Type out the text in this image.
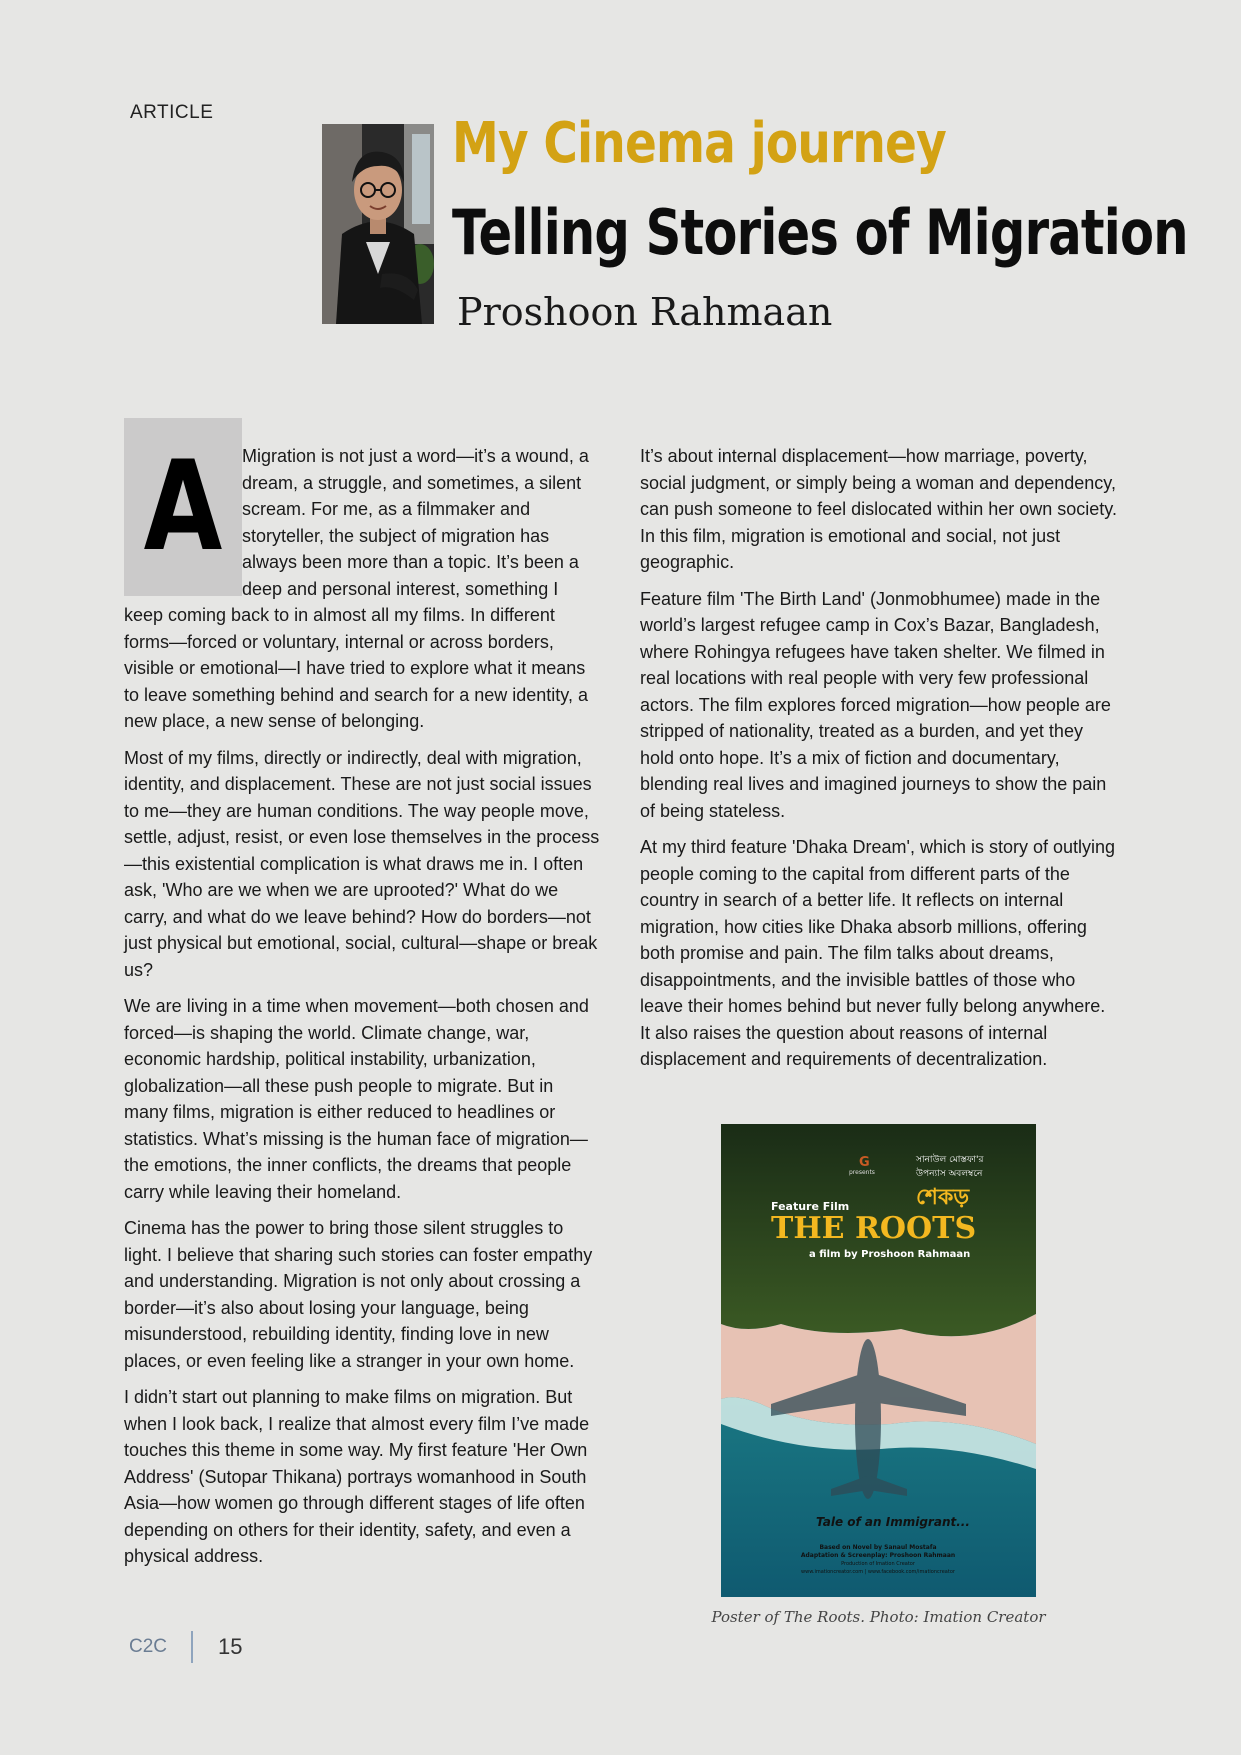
ARTICLE	My Cinema journey
Telling Stories of Migration
Proshoon Rahmaan

A Migration is not just a word—it’s a wound, a dream, a struggle, and sometimes, a silent scream. For me, as a filmmaker and storyteller, the subject of migration has always been more than a topic. It’s been a deep and personal interest, something I keep coming back to in almost all my films. In different forms—forced or voluntary, internal or across borders, visible or emotional—I have tried to explore what it means to leave something behind and search for a new identity, a new place, a new sense of belonging.

Most of my films, directly or indirectly, deal with migration, identity, and displacement. These are not just social issues to me—they are human conditions. The way people move, settle, adjust, resist, or even lose themselves in the process—this existential complication is what draws me in. I often ask, 'Who are we when we are uprooted?' What do we carry, and what do we leave behind? How do borders—not just physical but emotional, social, cultural—shape or break us?

We are living in a time when movement—both chosen and forced—is shaping the world. Climate change, war, economic hardship, political instability, urbanization, globalization—all these push people to migrate. But in many films, migration is either reduced to headlines or statistics. What’s missing is the human face of migration—the emotions, the inner conflicts, the dreams that people carry while leaving their homeland.

Cinema has the power to bring those silent struggles to light. I believe that sharing such stories can foster empathy and understanding. Migration is not only about crossing a border—it’s also about losing your language, being misunderstood, rebuilding identity, finding love in new places, or even feeling like a stranger in your own home.

I didn’t start out planning to make films on migration. But when I look back, I realize that almost every film I’ve made touches this theme in some way. My first feature 'Her Own Address' (Sutopar Thikana) portrays womanhood in South Asia—how women go through different stages of life often depending on others for their identity, safety, and even a physical address.

It’s about internal displacement—how marriage, poverty, social judgment, or simply being a woman and dependency, can push someone to feel dislocated within her own society. In this film, migration is emotional and social, not just geographic.

Feature film 'The Birth Land' (Jonmobhumee) made in the world’s largest refugee camp in Cox’s Bazar, Bangladesh, where Rohingya refugees have taken shelter. We filmed in real locations with real people with very few professional actors. The film explores forced migration—how people are stripped of nationality, treated as a burden, and yet they hold onto hope. It’s a mix of fiction and documentary, blending real lives and imagined journeys to show the pain of being stateless.

At my third feature 'Dhaka Dream', which is story of outlying people coming to the capital from different parts of the country in search of a better life. It reflects on internal migration, how cities like Dhaka absorb millions, offering both promise and pain. The film talks about dreams, disappointments, and the invisible battles of those who leave their homes behind but never fully belong anywhere. It also raises the question about reasons of internal displacement and requirements of decentralization.

G
presents
সানাউল মোস্তফা'র
উপন্যাস অবলম্বনে
Feature Film	শেকড়
THE ROOTS
a film by Proshoon Rahmaan
Tale of an Immigrant...
Based on Novel by Sanaul Mostafa
Adaptation & Screenplay: Proshoon Rahmaan
Production of Imation Creator
www.imationcreator.com | www.facebook.com/imationcreator
Poster of The Roots. Photo: Imation Creator
C2C 15
